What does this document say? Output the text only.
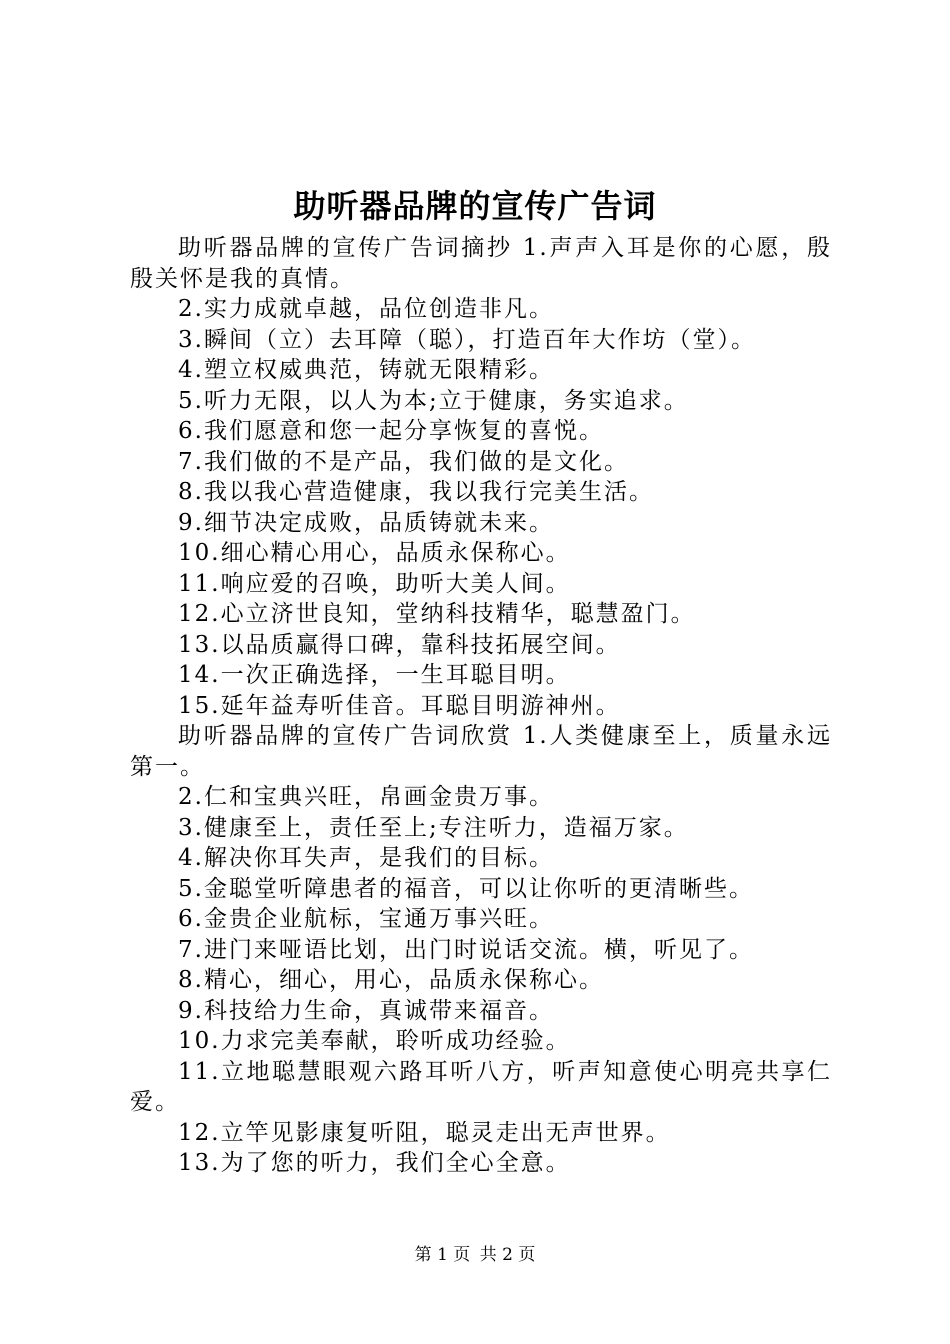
助听器品牌的宣传广告词

助听器品牌的宣传广告词摘抄 1.声声入耳是你的心愿，殷殷关怀是我的真情。

2.实力成就卓越，品位创造非凡。

3.瞬间（立）去耳障（聪），打造百年大作坊（堂）。

4.塑立权威典范，铸就无限精彩。

5.听力无限，以人为本;立于健康，务实追求。

6.我们愿意和您一起分享恢复的喜悦。

7.我们做的不是产品，我们做的是文化。

8.我以我心营造健康，我以我行完美生活。

9.细节决定成败，品质铸就未来。

10.细心精心用心，品质永保称心。

11.响应爱的召唤，助听大美人间。

12.心立济世良知，堂纳科技精华，聪慧盈门。

13.以品质赢得口碑，靠科技拓展空间。

14.一次正确选择，一生耳聪目明。

15.延年益寿听佳音。耳聪目明游神州。

助听器品牌的宣传广告词欣赏 1.人类健康至上，质量永远第一。

2.仁和宝典兴旺，帛画金贵万事。

3.健康至上，责任至上;专注听力，造福万家。

4.解决你耳失声，是我们的目标。

5.金聪堂听障患者的福音，可以让你听的更清晰些。

6.金贵企业航标，宝通万事兴旺。

7.进门来哑语比划，出门时说话交流。横，听见了。

8.精心，细心，用心，品质永保称心。

9.科技给力生命，真诚带来福音。

10.力求完美奉献，聆听成功经验。

11.立地聪慧眼观六路耳听八方，听声知意使心明亮共享仁爱。

12.立竿见影康复听阻，聪灵走出无声世界。

13.为了您的听力，我们全心全意。

第 1 页 共 2 页
